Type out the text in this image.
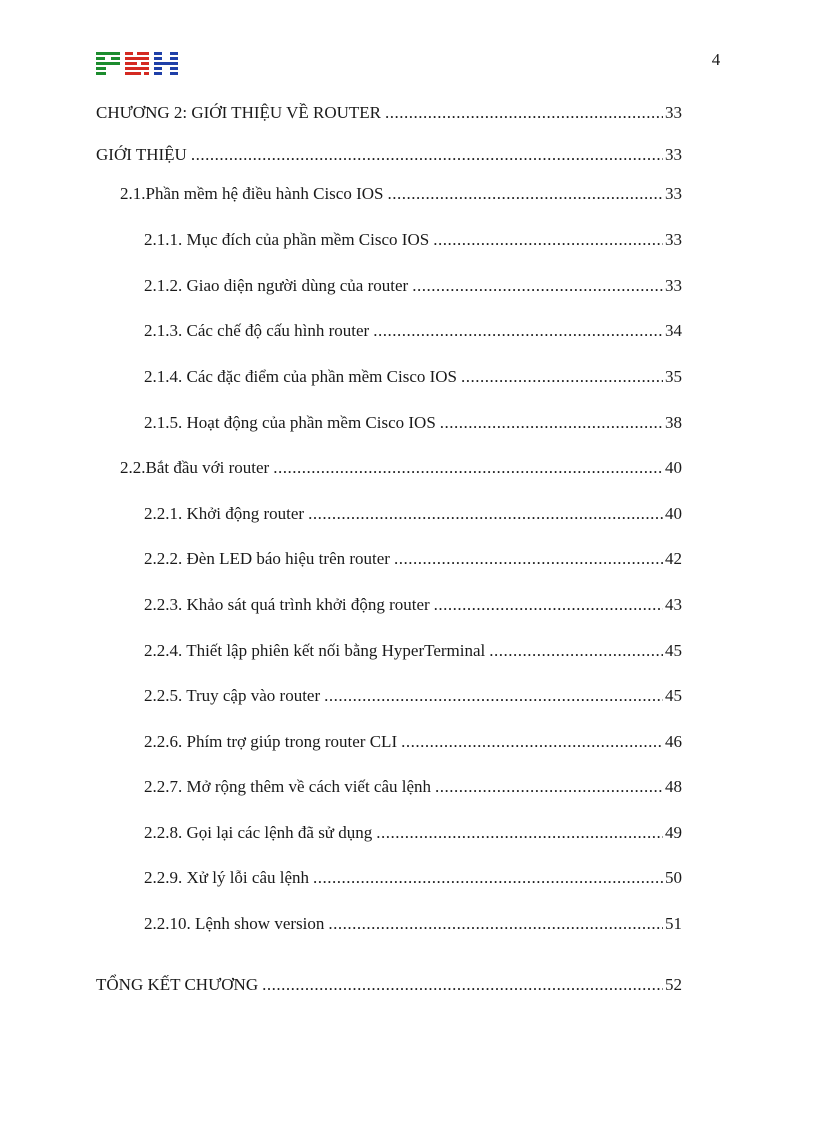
4
CHƯƠNG 2: GIỚI THIỆU VỀ ROUTER .....	33
GIỚI THIỆU .....	33
2.1.Phần mềm hệ điều hành Cisco IOS .....	33
2.1.1. Mục đích của phần mềm Cisco IOS .....	33
2.1.2. Giao diện người dùng của router .....	33
2.1.3. Các chế độ cấu hình router .....	34
2.1.4. Các đặc điểm của phần mềm Cisco IOS .....	35
2.1.5. Hoạt động của phần mềm Cisco IOS .....	38
2.2.Bắt đầu với router .....	40
2.2.1. Khởi động router .....	40
2.2.2. Đèn LED báo hiệu trên router .....	42
2.2.3. Khảo sát quá trình khởi động router .....	43
2.2.4. Thiết lập phiên kết nối bằng HyperTerminal .....	45
2.2.5. Truy cập vào router .....	45
2.2.6. Phím trợ giúp trong router CLI .....	46
2.2.7. Mở rộng thêm về cách viết câu lệnh .....	48
2.2.8. Gọi lại các lệnh đã sử dụng .....	49
2.2.9. Xử lý lỗi câu lệnh .....	50
2.2.10. Lệnh show version .....	51
TỔNG KẾT CHƯƠNG .....	52
